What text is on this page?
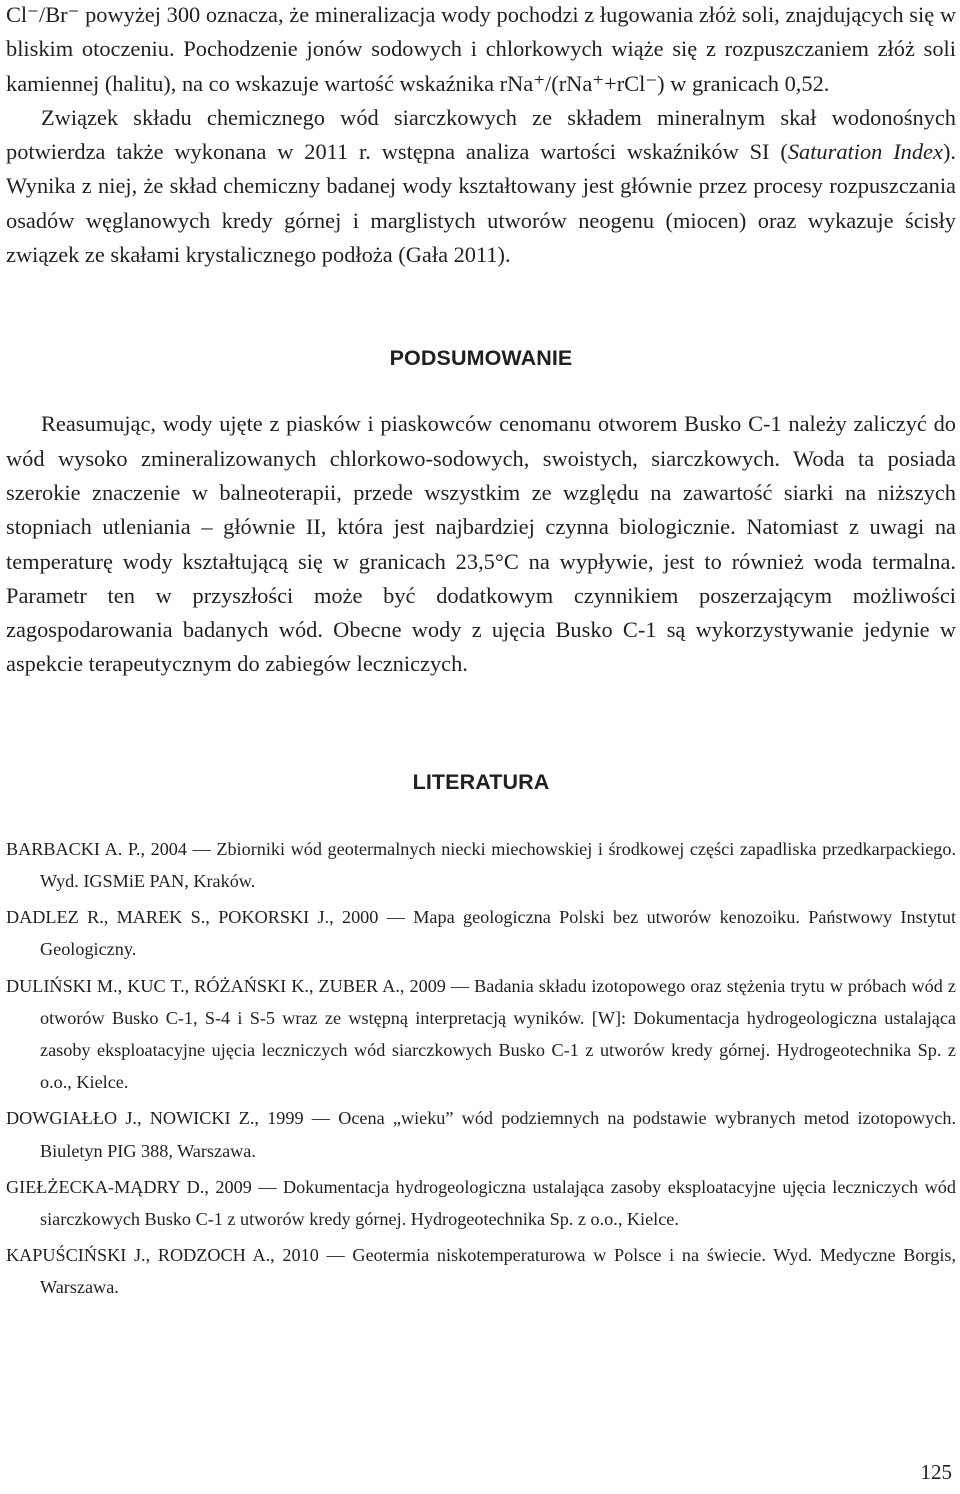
Cl⁻/Br⁻ powyżej 300 oznacza, że mineralizacja wody pochodzi z ługowania złóż soli, znajdujących się w bliskim otoczeniu. Pochodzenie jonów sodowych i chlorkowych wiąże się z rozpuszczaniem złóż soli kamiennej (halitu), na co wskazuje wartość wskaźnika rNa⁺/(rNa⁺+rCl⁻) w granicach 0,52.

Związek składu chemicznego wód siarczkowych ze składem mineralnym skał wodonośnych potwierdza także wykonana w 2011 r. wstępna analiza wartości wskaźników SI (Saturation Index). Wynika z niej, że skład chemiczny badanej wody kształtowany jest głównie przez procesy rozpuszczania osadów węglanowych kredy górnej i marglistych utworów neogenu (miocen) oraz wykazuje ścisły związek ze skałami krystalicznego podłoża (Gała 2011).

PODSUMOWANIE

Reasumując, wody ujęte z piasków i piaskowców cenomanu otworem Busko C-1 należy zaliczyć do wód wysoko zmineralizowanych chlorkowo-sodowych, swoistych, siarczkowych. Woda ta posiada szerokie znaczenie w balneoterapii, przede wszystkim ze względu na zawartość siarki na niższych stopniach utleniania – głównie II, która jest najbardziej czynna biologicznie. Natomiast z uwagi na temperaturę wody kształtującą się w granicach 23,5°C na wypływie, jest to również woda termalna. Parametr ten w przyszłości może być dodatkowym czynnikiem poszerzającym możliwości zagospodarowania badanych wód. Obecne wody z ujęcia Busko C-1 są wykorzystywanie jedynie w aspekcie terapeutycznym do zabiegów leczniczych.

LITERATURA
BARBACKI A. P., 2004 — Zbiorniki wód geotermalnych niecki miechowskiej i środkowej części zapadliska przedkarpackiego. Wyd. IGSMiE PAN, Kraków.
DADLEZ R., MAREK S., POKORSKI J., 2000 — Mapa geologiczna Polski bez utworów kenozoiku. Państwowy Instytut Geologiczny.
DULIŃSKI M., KUC T., RÓŻAŃSKI K., ZUBER A., 2009 — Badania składu izotopowego oraz stężenia trytu w próbach wód z otworów Busko C-1, S-4 i S-5 wraz ze wstępną interpretacją wyników. [W]: Dokumentacja hydrogeologiczna ustalająca zasoby eksploatacyjne ujęcia leczniczych wód siarczkowych Busko C-1 z utworów kredy górnej. Hydrogeotechnika Sp. z o.o., Kielce.
DOWGIAŁŁO J., NOWICKI Z., 1999 — Ocena „wieku” wód podziemnych na podstawie wybranych metod izotopowych. Biuletyn PIG 388, Warszawa.
GIEŁŻECKA-MĄDRY D., 2009 — Dokumentacja hydrogeologiczna ustalająca zasoby eksploatacyjne ujęcia leczniczych wód siarczkowych Busko C-1 z utworów kredy górnej. Hydrogeotechnika Sp. z o.o., Kielce.
KAPUŚCIŃSKI J., RODZOCH A., 2010 — Geotermia niskotemperaturowa w Polsce i na świecie. Wyd. Medyczne Borgis, Warszawa.
125
